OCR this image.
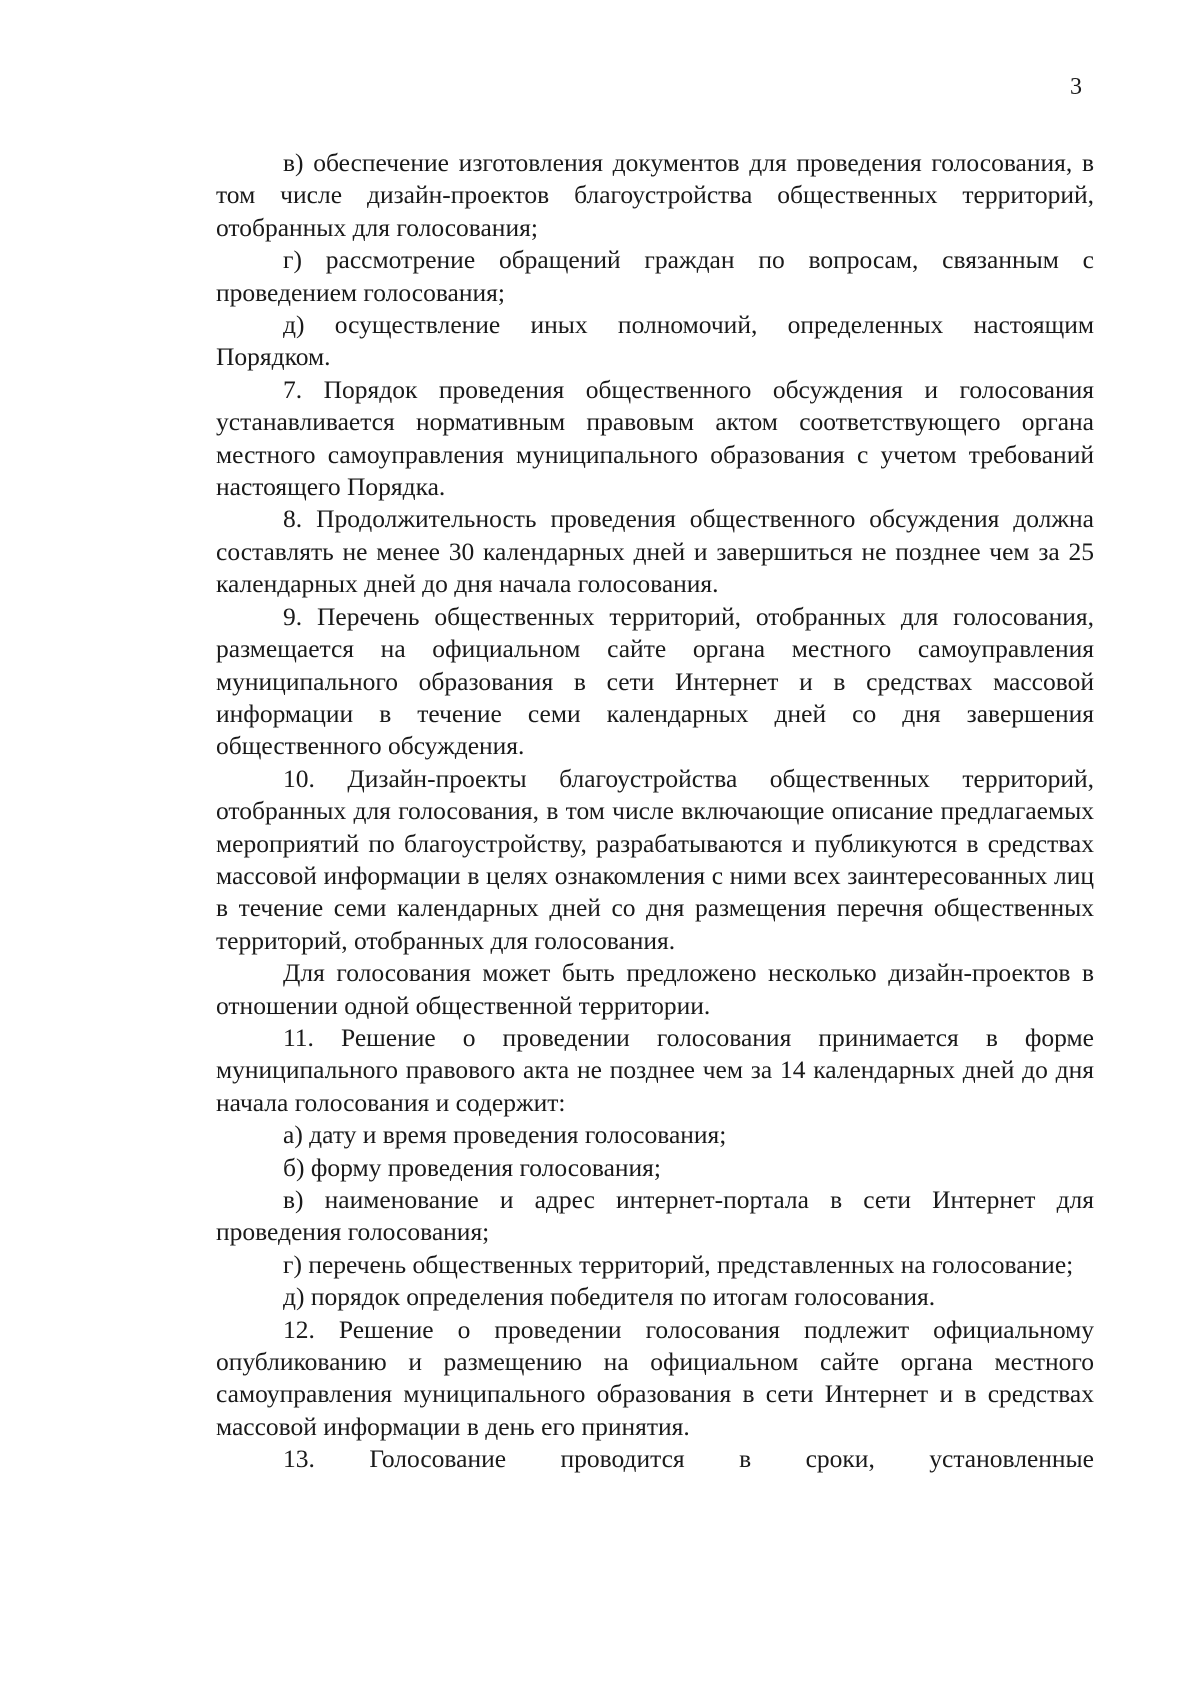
3

в) обеспечение изготовления документов для проведения голосования, в том числе дизайн-проектов благоустройства общественных территорий, отобранных для голосования;

г) рассмотрение обращений граждан по вопросам, связанным с проведением голосования;

д) осуществление иных полномочий, определенных настоящим Порядком.

7. Порядок проведения общественного обсуждения и голосования устанавливается нормативным правовым актом соответствующего органа местного самоуправления муниципального образования с учетом требований настоящего Порядка.

8. Продолжительность проведения общественного обсуждения должна составлять не менее 30 календарных дней и завершиться не позднее чем за 25 календарных дней до дня начала голосования.

9. Перечень общественных территорий, отобранных для голосования, размещается на официальном сайте органа местного самоуправления муниципального образования в сети Интернет и в средствах массовой информации в течение семи календарных дней со дня завершения общественного обсуждения.

10. Дизайн-проекты благоустройства общественных территорий, отобранных для голосования, в том числе включающие описание предлагаемых мероприятий по благоустройству, разрабатываются и публикуются в средствах массовой информации в целях ознакомления с ними всех заинтересованных лиц в течение семи календарных дней со дня размещения перечня общественных территорий, отобранных для голосования.

Для голосования может быть предложено несколько дизайн-проектов в отношении одной общественной территории.

11. Решение о проведении голосования принимается в форме муниципального правового акта не позднее чем за 14 календарных дней до дня начала голосования и содержит:

а) дату и время проведения голосования;

б) форму проведения голосования;

в) наименование и адрес интернет-портала в сети Интернет для проведения голосования;

г) перечень общественных территорий, представленных на голосование;

д) порядок определения победителя по итогам голосования.

12. Решение о проведении голосования подлежит официальному опубликованию и размещению на официальном сайте органа местного самоуправления муниципального образования в сети Интернет и в средствах массовой информации в день его принятия.

13. Голосование проводится в сроки, установленные
